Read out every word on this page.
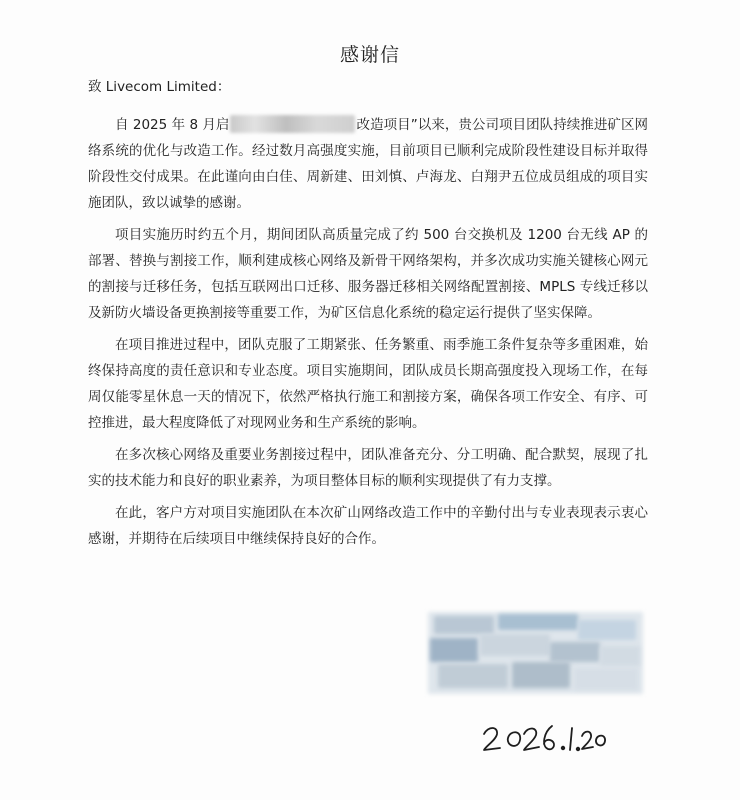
感谢信
致 Livecom Limited：

自 2025 年 8 月启	改造项目”以来，贵公司项目团队持续推进矿区网络系统的优化与改造工作。经过数月高强度实施，目前项目已顺利完成阶段性建设目标并取得阶段性交付成果。在此谨向由白佳、周新建、田刘慎、卢海龙、白翔尹五位成员组成的项目实施团队，致以诚挚的感谢。

项目实施历时约五个月，期间团队高质量完成了约 500 台交换机及 1200 台无线 AP 的部署、替换与割接工作，顺利建成核心网络及新骨干网络架构，并多次成功实施关键核心网元的割接与迁移任务，包括互联网出口迁移、服务器迁移相关网络配置割接、MPLS 专线迁移以及新防火墙设备更换割接等重要工作，为矿区信息化系统的稳定运行提供了坚实保障。

在项目推进过程中，团队克服了工期紧张、任务繁重、雨季施工条件复杂等多重困难，始终保持高度的责任意识和专业态度。项目实施期间，团队成员长期高强度投入现场工作，在每周仅能零星休息一天的情况下，依然严格执行施工和割接方案，确保各项工作安全、有序、可控推进，最大程度降低了对现网业务和生产系统的影响。

在多次核心网络及重要业务割接过程中，团队准备充分、分工明确、配合默契，展现了扎实的技术能力和良好的职业素养，为项目整体目标的顺利实现提供了有力支撑。

在此，客户方对项目实施团队在本次矿山网络改造工作中的辛勤付出与专业表现表示衷心感谢，并期待在后续项目中继续保持良好的合作。
